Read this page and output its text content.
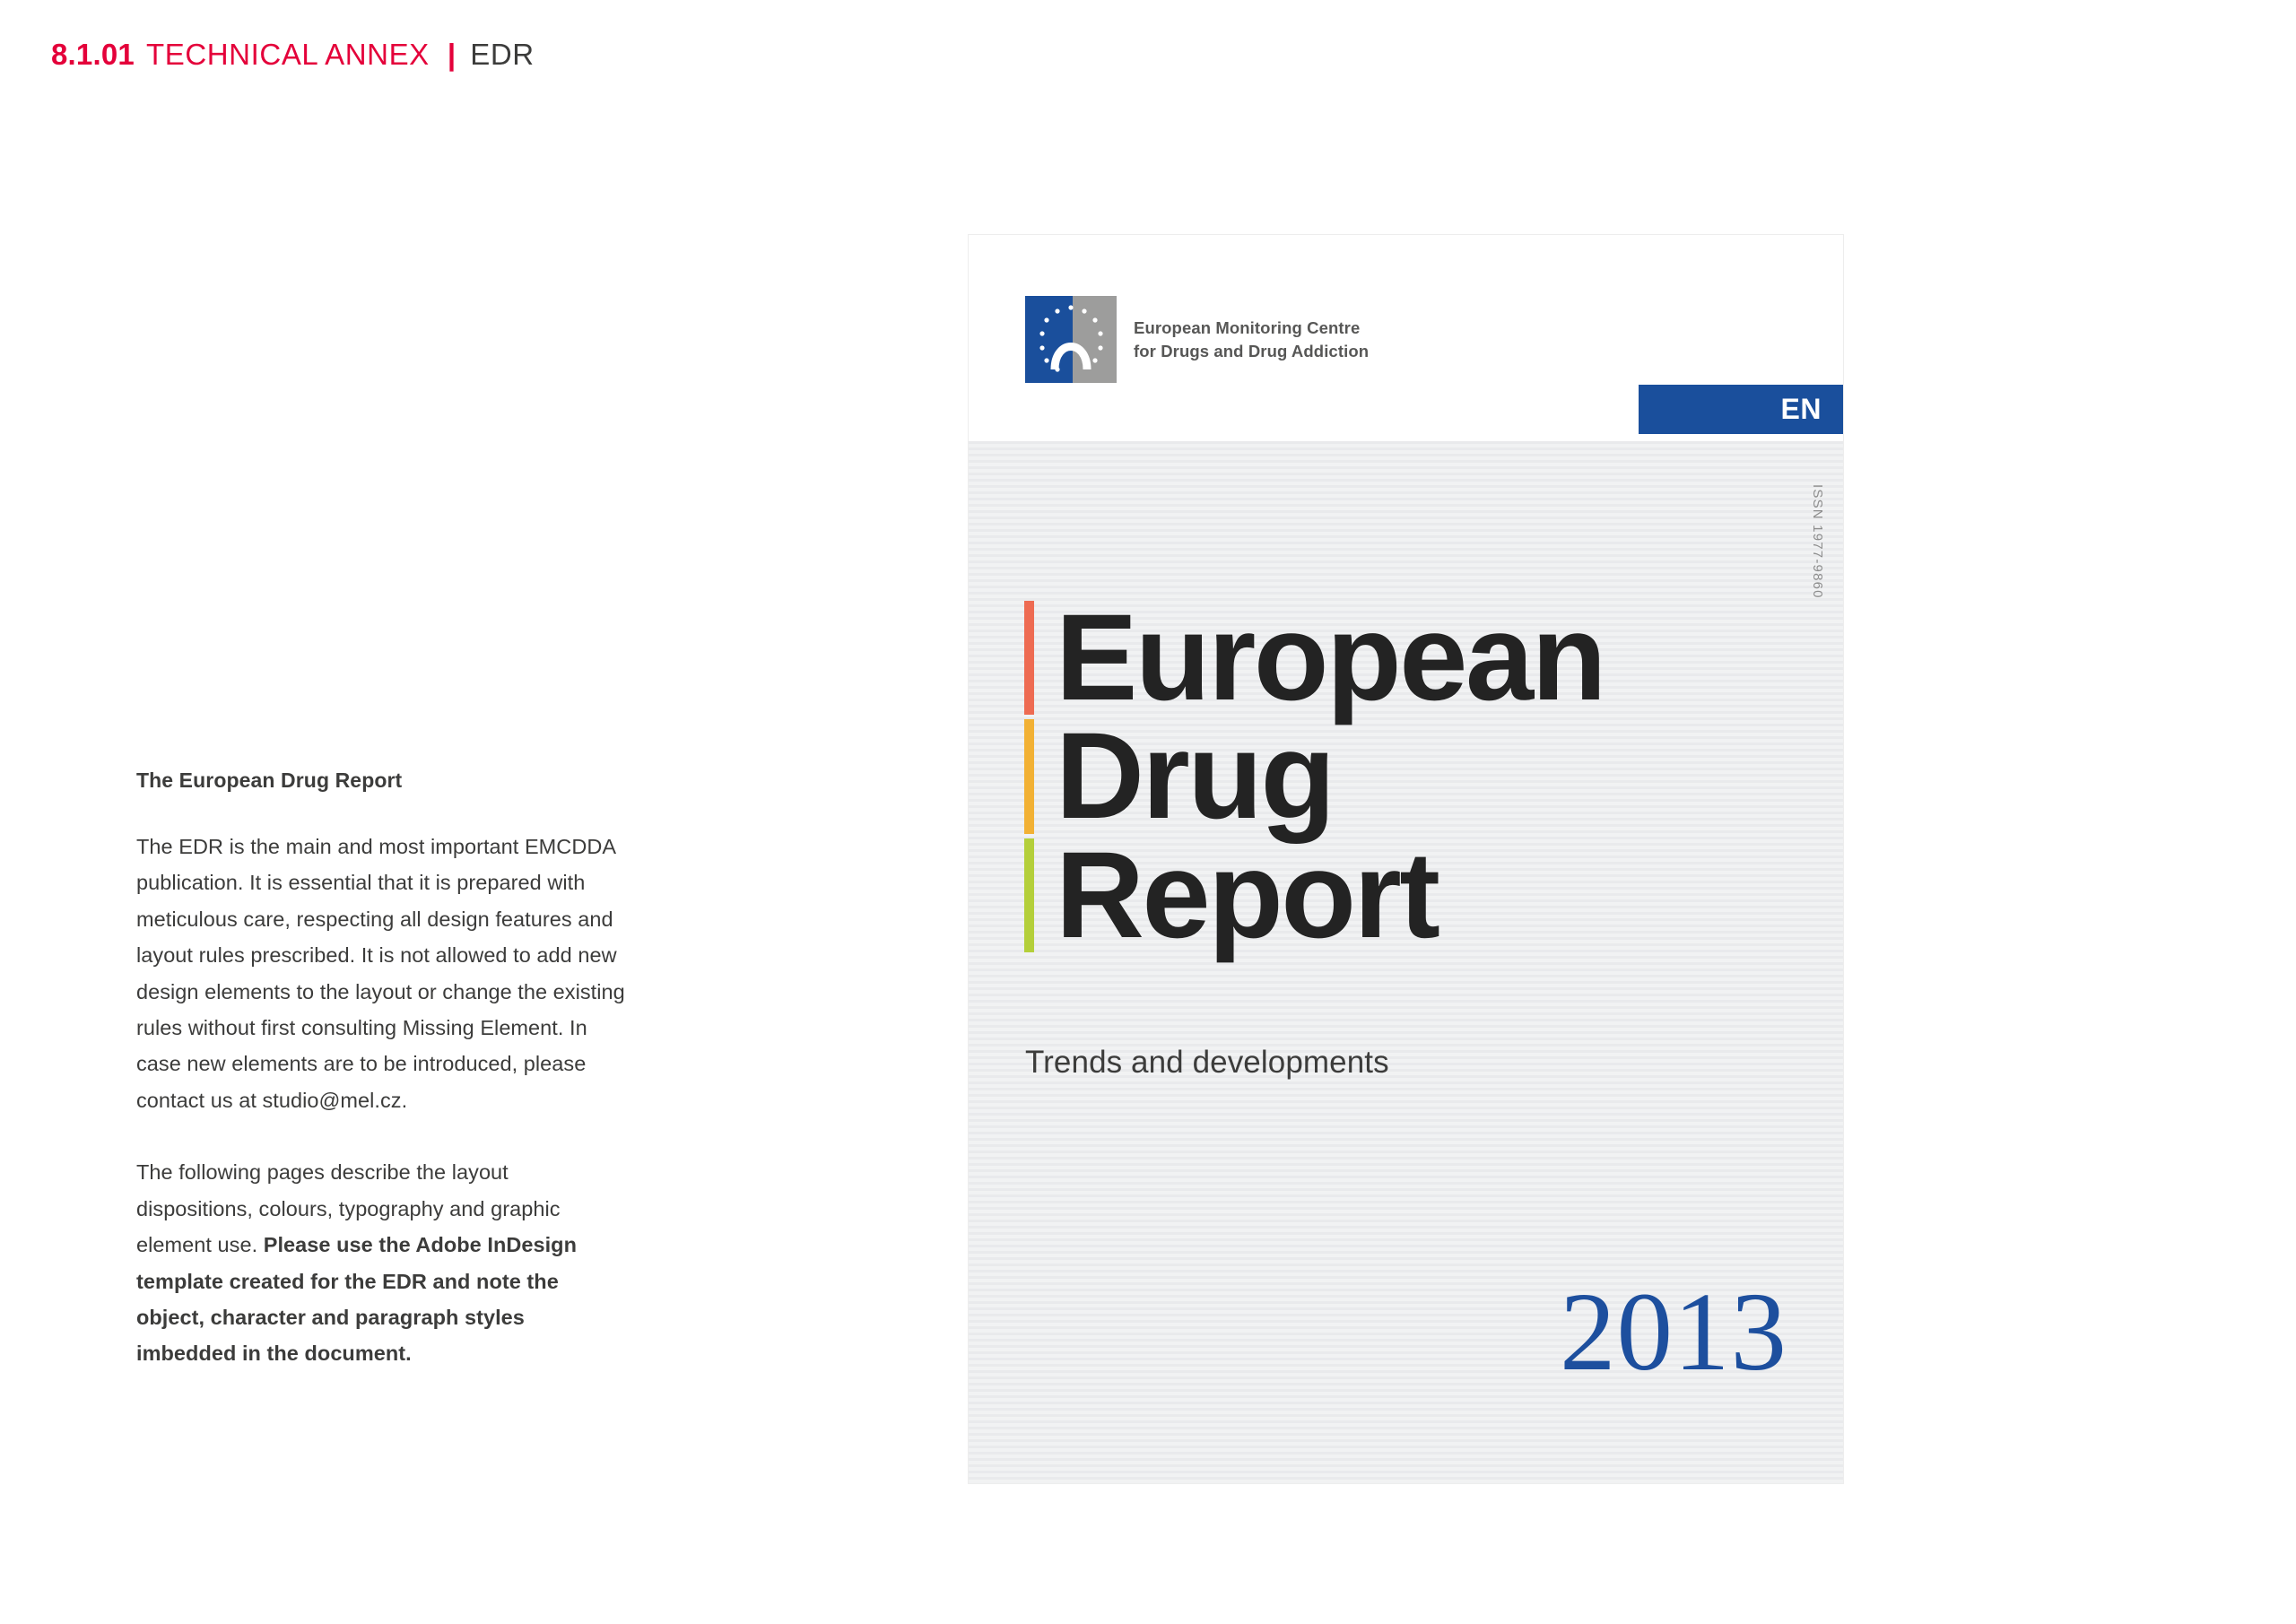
8.1.01 TECHNICAL ANNEX | EDR

The European Drug Report

The EDR is the main and most important EMCDDA publication. It is essential that it is prepared with meticulous care, respecting all design features and layout rules prescribed. It is not allowed to add new design elements to the layout or change the existing rules without first consulting Missing Element. In case new elements are to be introduced, please contact us at studio@mel.cz.

The following pages describe the layout dispositions, colours, typography and graphic element use. Please use the Adobe InDesign template created for the EDR and note the object, character and paragraph styles imbedded in the document.

European Monitoring Centre
for Drugs and Drug Addiction
EN
ISSN 1977-9860
European
Drug
Report
Trends and developments
2013
